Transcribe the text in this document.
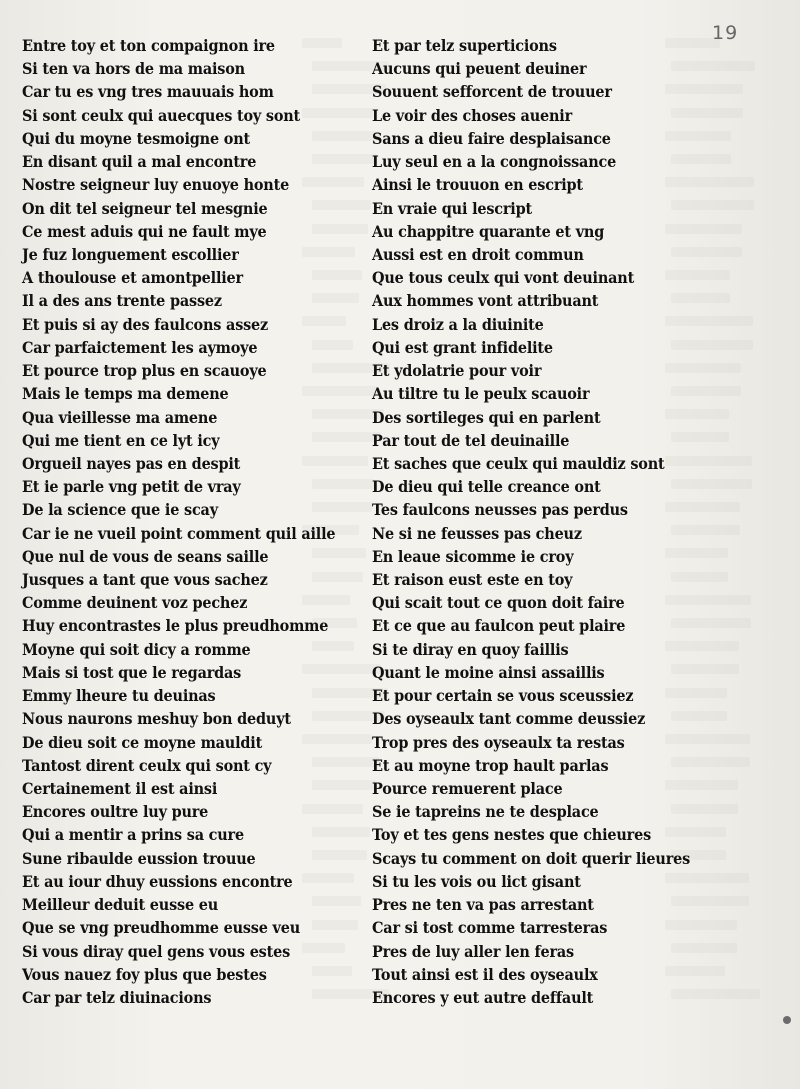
19
Entre toy et ton compaignon ire
Si ten va hors de ma maison
Car tu es vng tres mauuais hom
Si sont ceulx qui auecques toy sont
Qui du moyne tesmoigne ont
En disant quil a mal encontre
Nostre seigneur luy enuoye honte
On dit tel seigneur tel mesgnie
Ce mest aduis qui ne fault mye
Je fuz longuement escollier
A thoulouse et amontpellier
Il a des ans trente passez
Et puis si ay des faulcons assez
Car parfaictement les aymoye
Et pource trop plus en scauoye
Mais le temps ma demene
Qua vieillesse ma amene
Qui me tient en ce lyt icy
Orgueil nayes pas en despit
Et ie parle vng petit de vray
De la science que ie scay
Car ie ne vueil point comment quil aille
Que nul de vous de seans saille
Jusques a tant que vous sachez
Comme deuinent voz pechez
Huy encontrastes le plus preudhomme
Moyne qui soit dicy a romme
Mais si tost que le regardas
Emmy lheure tu deuinas
Nous naurons meshuy bon deduyt
De dieu soit ce moyne mauldit
Tantost dirent ceulx qui sont cy
Certainement il est ainsi
Encores oultre luy pure
Qui a mentir a prins sa cure
Sune ribaulde eussion trouue
Et au iour dhuy eussions encontre
Meilleur deduit eusse eu
Que se vng preudhomme eusse veu
Si vous diray quel gens vous estes
Vous nauez foy plus que bestes
Car par telz diuinacions
Et par telz superticions
Aucuns qui peuent deuiner
Souuent sefforcent de trouuer
Le voir des choses auenir
Sans a dieu faire desplaisance
Luy seul en a la congnoissance
Ainsi le trouuon en escript
En vraie qui lescript
Au chappitre quarante et vng
Aussi est en droit commun
Que tous ceulx qui vont deuinant
Aux hommes vont attribuant
Les droiz a la diuinite
Qui est grant infidelite
Et ydolatrie pour voir
Au tiltre tu le peulx scauoir
Des sortileges qui en parlent
Par tout de tel deuinaille
Et saches que ceulx qui mauldiz sont
De dieu qui telle creance ont
Tes faulcons neusses pas perdus
Ne si ne feusses pas cheuz
En leaue sicomme ie croy
Et raison eust este en toy
Qui scait tout ce quon doit faire
Et ce que au faulcon peut plaire
Si te diray en quoy faillis
Quant le moine ainsi assaillis
Et pour certain se vous sceussiez
Des oyseaulx tant comme deussiez
Trop pres des oyseaulx ta restas
Et au moyne trop hault parlas
Pource remuerent place
Se ie tapreins ne te desplace
Toy et tes gens nestes que chieures
Scays tu comment on doit querir lieures
Si tu les vois ou lict gisant
Pres ne ten va pas arrestant
Car si tost comme tarresteras
Pres de luy aller len feras
Tout ainsi est il des oyseaulx
Encores y eut autre deffault
